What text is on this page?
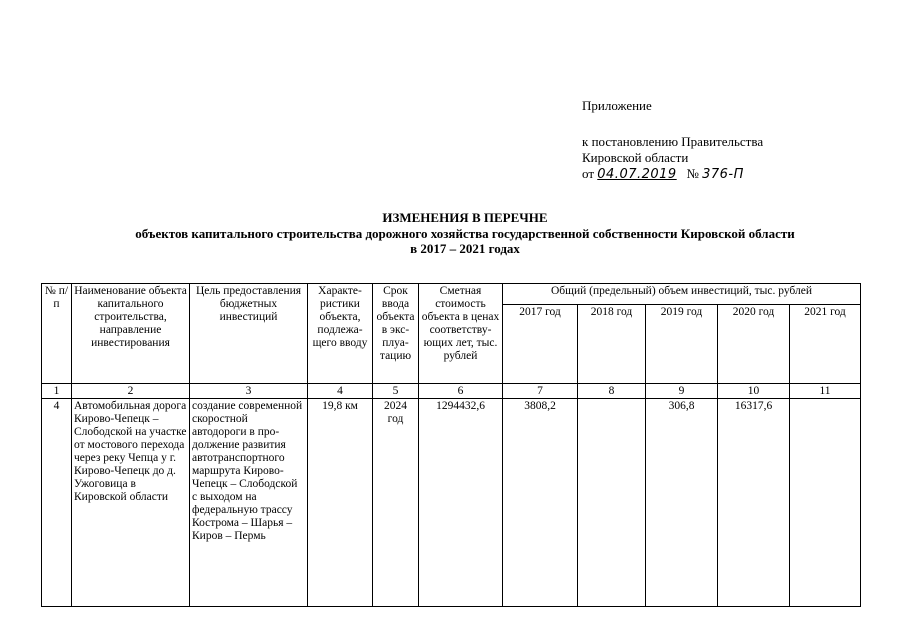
Приложение
к постановлению Правительства
Кировской области
от 04.07.2019 № 376-П
ИЗМЕНЕНИЯ В ПЕРЕЧНЕ
объектов капитального строительства дорожного хозяйства государственной собственности Кировской области
в 2017 – 2021 годах
№ п/п	Наименование объекта капитального строительства, направление инвестирования	Цель предоставления бюджетных инвестиций	Характе-ристики объекта, подлежа-щего вводу	Срок ввода объекта в экс-плуа-тацию	Сметная стоимость объекта в ценах соответству-ющих лет, тыс. рублей	Общий (предельный) объем инвестиций, тыс. рублей				
						2017 год	2018 год	2019 год	2020 год	2021 год
1	2	3	4	5	6	7	8	9	10	11
4	Автомобильная дорога Кирово-Чепецк – Слободской на участке от мостового перехода через реку Чепца у г. Кирово-Чепецк до д. Ужоговица в Кировской области	создание современной скоростной автодороги в про-должение развития автотранспортного маршрута Кирово-Чепецк – Слободской с выходом на федеральную трассу Кострома – Шарья – Киров – Пермь	19,8 км	2024 год	1294432,6	3808,2		306,8	16317,6	
